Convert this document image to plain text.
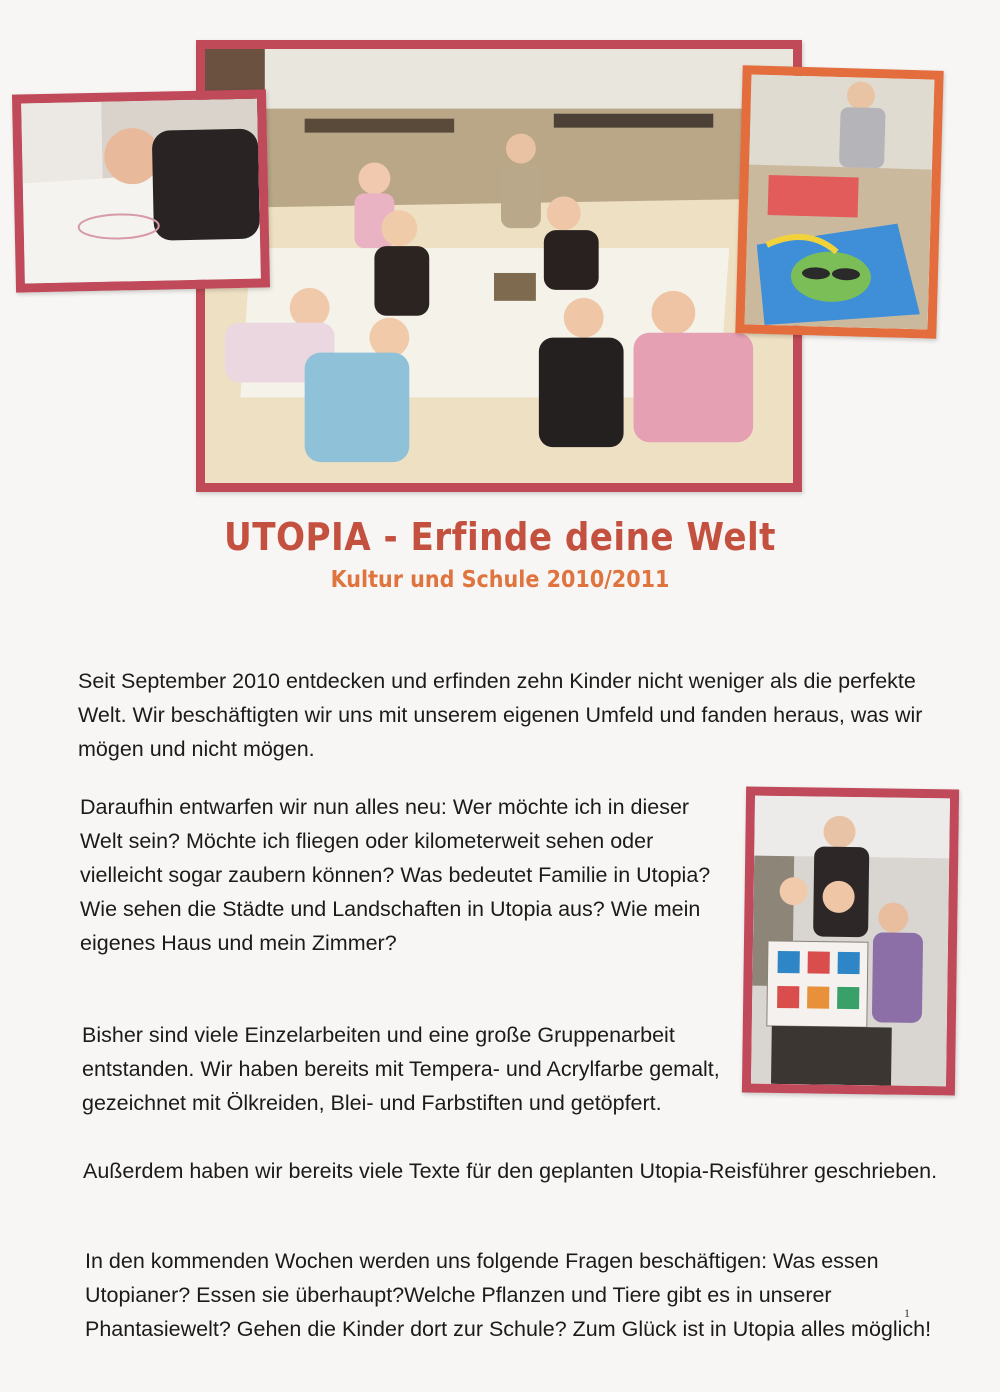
UTOPIA - Erfinde deine Welt
Kultur und Schule 2010/2011

Seit September 2010 entdecken und erfinden zehn Kinder nicht weniger als die perfekte Welt. Wir beschäftigten wir uns mit unserem eigenen Umfeld und fanden heraus, was wir mögen und nicht mögen.

Daraufhin entwarfen wir nun alles neu: Wer möchte ich in dieser Welt sein? Möchte ich fliegen oder kilometerweit sehen oder vielleicht sogar zaubern können? Was bedeutet Familie in Utopia? Wie sehen die Städte und Landschaften in Utopia aus? Wie mein eigenes Haus und mein Zimmer?

Bisher sind viele Einzelarbeiten und eine große Gruppenarbeit entstanden. Wir haben bereits mit Tempera- und Acrylfarbe gemalt, gezeichnet mit Ölkreiden, Blei- und Farbstiften und getöpfert.

Außerdem haben wir bereits viele Texte für den geplanten Utopia-Reisführer geschrieben.

In den kommenden Wochen werden uns folgende Fragen beschäftigen: Was essen Utopianer? Essen sie überhaupt?Welche Pflanzen und Tiere gibt es in unserer Phantasiewelt? Gehen die Kinder dort zur Schule? Zum Glück ist in Utopia alles möglich!

1
